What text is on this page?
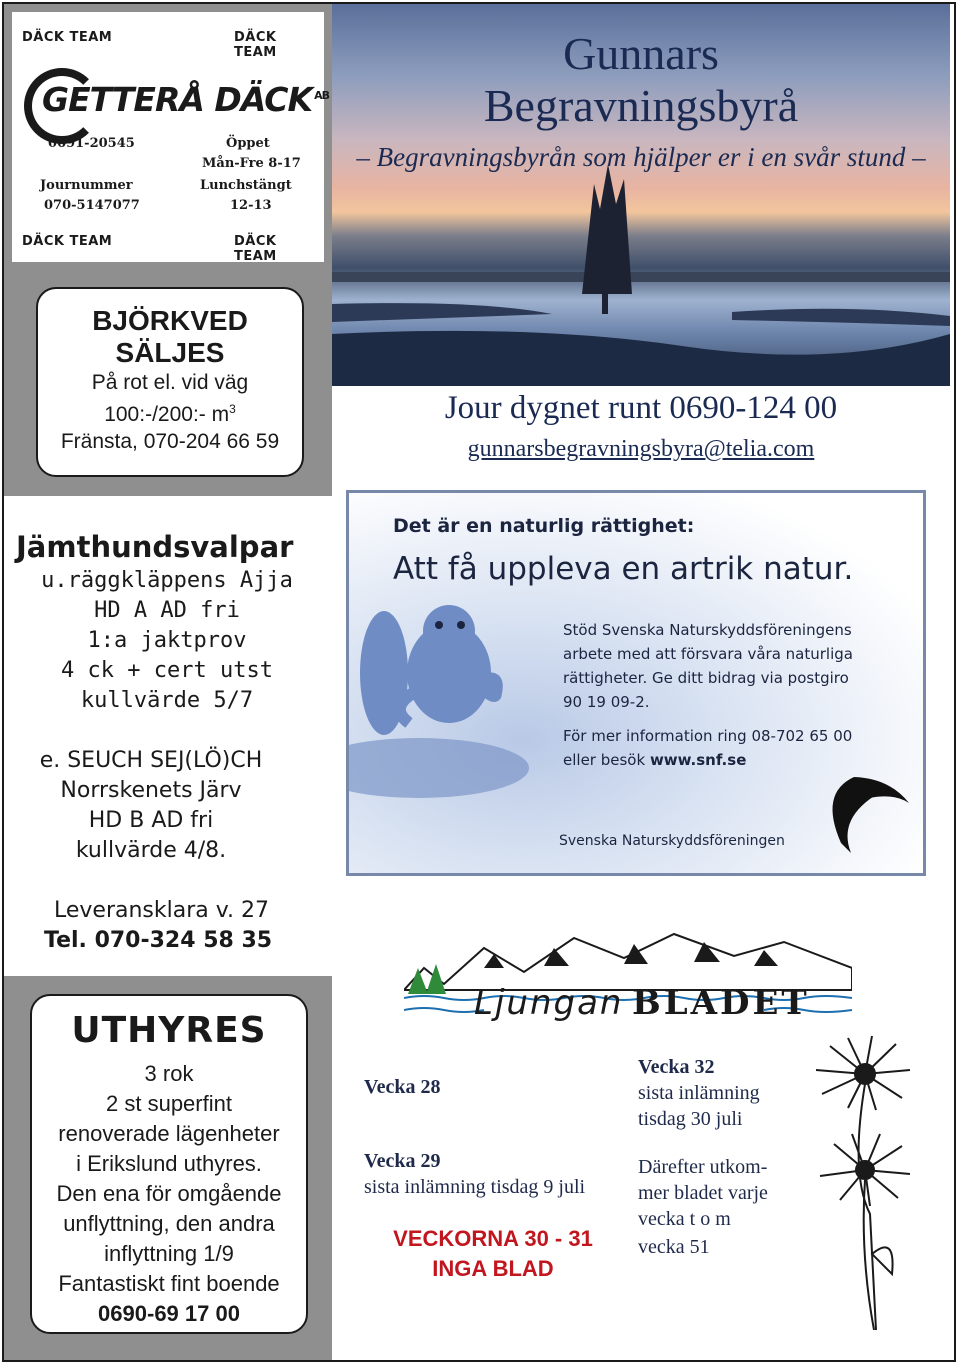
DÄCK TEAM	DÄCK TEAM
GETTERÅ DÄCK $^{AB}$
0691-20545
Journummer
070-5147077
Öppet
Mån-Fre 8-17
Lunchstängt
12-13
DÄCK TEAM	DÄCK TEAM
Gunnars
Begravningsbyrå
– Begravningsbyrån som hjälper er i en svår stund –
Jour dygnet runt 0690-124 00
gunnarsbegravningsbyra@telia.com
BJÖRKVED
SÄLJES
På rot el. vid väg
100:-/200:- $m^3$
Fränsta, 070-204 66 59
Jämthundsvalpar
u.räggkläppens Ajja
HD A AD fri
1:a jaktprov
4 ck + cert utst
kullvärde 5/7
e. SEUCH SEJ(LÖ)CH
Norrskenets Järv
HD B AD fri
kullvärde 4/8.
Leveransklara v. 27
Tel. 070-324 58 35
Det är en naturlig rättighet:
Att få uppleva en artrik natur.
Stöd Svenska Naturskyddsföreningens
arbete med att försvara våra naturliga
rättigheter. Ge ditt bidrag via postgiro
90 19 09-2.
För mer information ring 08-702 65 00
eller besök www.snf.se
Svenska Naturskyddsföreningen
Ljungan BLADET
UTHYRES
3 rok
2 st superfint
renoverade lägenheter
i Erikslund uthyres.
Den ena för omgående
unflyttning, den andra
inflyttning 1/9
Fantastiskt fint boende
0690-69 17 00
Vecka 28
Vecka 29
sista inlämning tisdag 9 juli
VECKORNA 30 - 31
INGA BLAD
Vecka 32
sista inlämning
tisdag 30 juli
Därefter utkom-
mer bladet varje
vecka t o m
vecka 51
